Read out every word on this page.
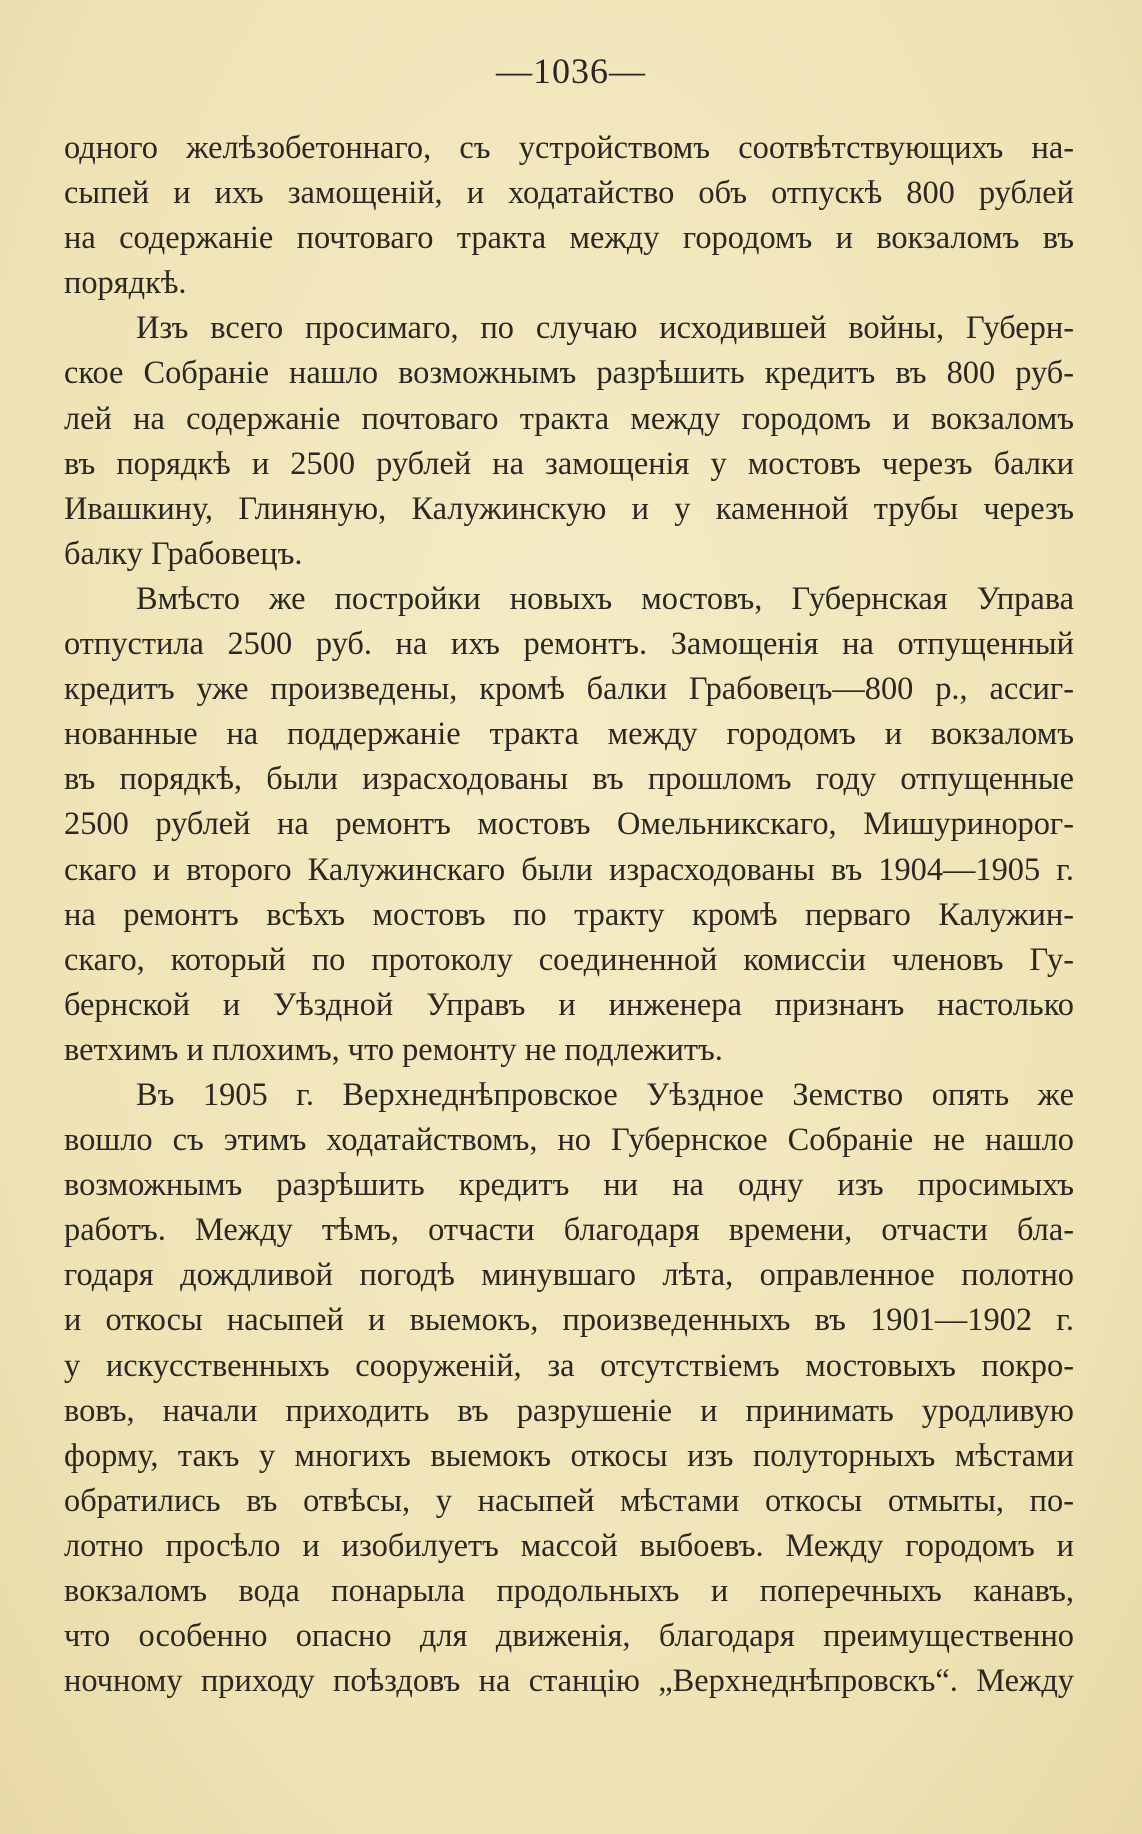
—1036—
одного желѣзобетоннаго, съ устройствомъ соотвѣтствующихъ на-
сыпей и ихъ замощеній, и ходатайство объ отпускѣ 800 рублей
на содержаніе почтоваго тракта между городомъ и вокзаломъ въ
порядкѣ.
Изъ всего просимаго, по случаю исходившей войны, Губерн-
ское Собраніе нашло возможнымъ разрѣшить кредитъ въ 800 руб-
лей на содержаніе почтоваго тракта между городомъ и вокзаломъ
въ порядкѣ и 2500 рублей на замощенія у мостовъ черезъ балки
Ивашкину, Глиняную, Калужинскую и у каменной трубы черезъ
балку Грабовецъ.
Вмѣсто же постройки новыхъ мостовъ, Губернская Управа
отпустила 2500 руб. на ихъ ремонтъ. Замощенія на отпущенный
кредитъ уже произведены, кромѣ балки Грабовецъ—800 р., ассиг-
нованные на поддержаніе тракта между городомъ и вокзаломъ
въ порядкѣ, были израсходованы въ прошломъ году отпущенные
2500 рублей на ремонтъ мостовъ Омельникскаго, Мишуринорог-
скаго и второго Калужинскаго были израсходованы въ 1904—1905 г.
на ремонтъ всѣхъ мостовъ по тракту кромѣ перваго Калужин-
скаго, который по протоколу соединенной комиссіи членовъ Гу-
бернской и Уѣздной Управъ и инженера признанъ настолько
ветхимъ и плохимъ, что ремонту не подлежитъ.
Въ 1905 г. Верхнеднѣпровское Уѣздное Земство опять же
вошло съ этимъ ходатайствомъ, но Губернское Собраніе не нашло
возможнымъ разрѣшить кредитъ ни на одну изъ просимыхъ
работъ. Между тѣмъ, отчасти благодаря времени, отчасти бла-
годаря дождливой погодѣ минувшаго лѣта, оправленное полотно
и откосы насыпей и выемокъ, произведенныхъ въ 1901—1902 г.
у искусственныхъ сооруженій, за отсутствіемъ мостовыхъ покро-
вовъ, начали приходить въ разрушеніе и принимать уродливую
форму, такъ у многихъ выемокъ откосы изъ полуторныхъ мѣстами
обратились въ отвѣсы, у насыпей мѣстами откосы отмыты, по-
лотно просѣло и изобилуетъ массой выбоевъ. Между городомъ и
вокзаломъ вода понарыла продольныхъ и поперечныхъ канавъ,
что особенно опасно для движенія, благодаря преимущественно
ночному приходу поѣздовъ на станцію „Верхнеднѣпровскъ“. Между
